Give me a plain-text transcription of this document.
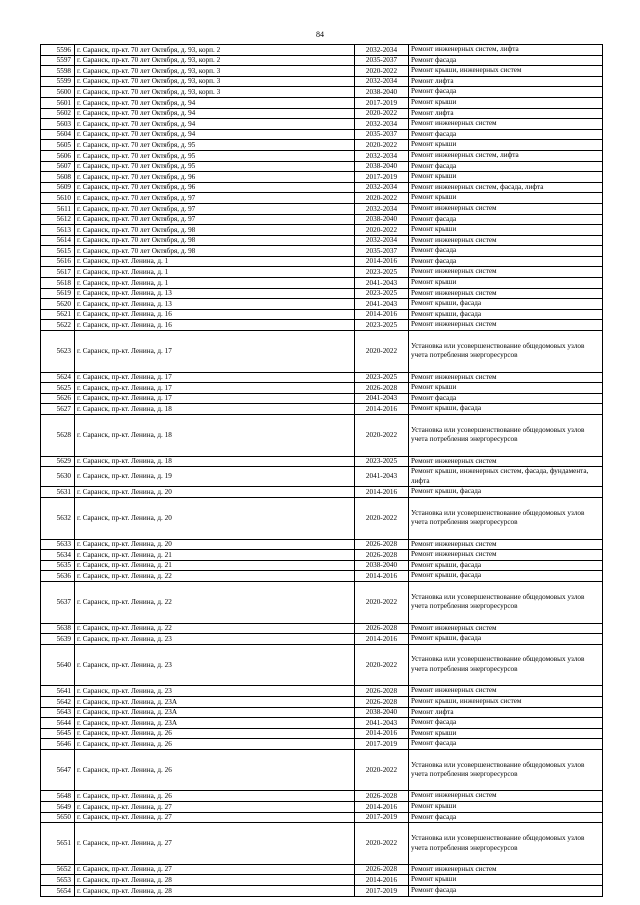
84
5596	г. Саранск, пр-кт. 70 лет Октября, д. 93, корп. 2	2032-2034	Ремонт инженерных систем, лифта
5597	г. Саранск, пр-кт. 70 лет Октября, д. 93, корп. 2	2035-2037	Ремонт фасада
5598	г. Саранск, пр-кт. 70 лет Октября, д. 93, корп. 3	2020-2022	Ремонт крыши, инженерных систем
5599	г. Саранск, пр-кт. 70 лет Октября, д. 93, корп. 3	2032-2034	Ремонт лифта
5600	г. Саранск, пр-кт. 70 лет Октября, д. 93, корп. 3	2038-2040	Ремонт фасада
5601	г. Саранск, пр-кт. 70 лет Октября, д. 94	2017-2019	Ремонт крыши
5602	г. Саранск, пр-кт. 70 лет Октября, д. 94	2020-2022	Ремонт лифта
5603	г. Саранск, пр-кт. 70 лет Октября, д. 94	2032-2034	Ремонт инженерных систем
5604	г. Саранск, пр-кт. 70 лет Октября, д. 94	2035-2037	Ремонт фасада
5605	г. Саранск, пр-кт. 70 лет Октября, д. 95	2020-2022	Ремонт крыши
5606	г. Саранск, пр-кт. 70 лет Октября, д. 95	2032-2034	Ремонт инженерных систем, лифта
5607	г. Саранск, пр-кт. 70 лет Октября, д. 95	2038-2040	Ремонт фасада
5608	г. Саранск, пр-кт. 70 лет Октября, д. 96	2017-2019	Ремонт крыши
5609	г. Саранск, пр-кт. 70 лет Октября, д. 96	2032-2034	Ремонт инженерных систем, фасада, лифта
5610	г. Саранск, пр-кт. 70 лет Октября, д. 97	2020-2022	Ремонт крыши
5611	г. Саранск, пр-кт. 70 лет Октября, д. 97	2032-2034	Ремонт инженерных систем
5612	г. Саранск, пр-кт. 70 лет Октября, д. 97	2038-2040	Ремонт фасада
5613	г. Саранск, пр-кт. 70 лет Октября, д. 98	2020-2022	Ремонт крыши
5614	г. Саранск, пр-кт. 70 лет Октября, д. 98	2032-2034	Ремонт инженерных систем
5615	г. Саранск, пр-кт. 70 лет Октября, д. 98	2035-2037	Ремонт фасада
5616	г. Саранск, пр-кт. Ленина, д. 1	2014-2016	Ремонт фасада
5617	г. Саранск, пр-кт. Ленина, д. 1	2023-2025	Ремонт инженерных систем
5618	г. Саранск, пр-кт. Ленина, д. 1	2041-2043	Ремонт крыши
5619	г. Саранск, пр-кт. Ленина, д. 13	2023-2025	Ремонт инженерных систем
5620	г. Саранск, пр-кт. Ленина, д. 13	2041-2043	Ремонт крыши, фасада
5621	г. Саранск, пр-кт. Ленина, д. 16	2014-2016	Ремонт крыши, фасада
5622	г. Саранск, пр-кт. Ленина, д. 16	2023-2025	Ремонт инженерных систем
5623	г. Саранск, пр-кт. Ленина, д. 17	2020-2022	Установка или усовершенствование общедомовых узлов учета потребления энергоресурсов
5624	г. Саранск, пр-кт. Ленина, д. 17	2023-2025	Ремонт инженерных систем
5625	г. Саранск, пр-кт. Ленина, д. 17	2026-2028	Ремонт крыши
5626	г. Саранск, пр-кт. Ленина, д. 17	2041-2043	Ремонт фасада
5627	г. Саранск, пр-кт. Ленина, д. 18	2014-2016	Ремонт крыши, фасада
5628	г. Саранск, пр-кт. Ленина, д. 18	2020-2022	Установка или усовершенствование общедомовых узлов учета потребления энергоресурсов
5629	г. Саранск, пр-кт. Ленина, д. 18	2023-2025	Ремонт инженерных систем
5630	г. Саранск, пр-кт. Ленина, д. 19	2041-2043	Ремонт крыши, инженерных систем, фасада, фундамента, лифта
5631	г. Саранск, пр-кт. Ленина, д. 20	2014-2016	Ремонт крыши, фасада
5632	г. Саранск, пр-кт. Ленина, д. 20	2020-2022	Установка или усовершенствование общедомовых узлов учета потребления энергоресурсов
5633	г. Саранск, пр-кт. Ленина, д. 20	2026-2028	Ремонт инженерных систем
5634	г. Саранск, пр-кт. Ленина, д. 21	2026-2028	Ремонт инженерных систем
5635	г. Саранск, пр-кт. Ленина, д. 21	2038-2040	Ремонт крыши, фасада
5636	г. Саранск, пр-кт. Ленина, д. 22	2014-2016	Ремонт крыши, фасада
5637	г. Саранск, пр-кт. Ленина, д. 22	2020-2022	Установка или усовершенствование общедомовых узлов учета потребления энергоресурсов
5638	г. Саранск, пр-кт. Ленина, д. 22	2026-2028	Ремонт инженерных систем
5639	г. Саранск, пр-кт. Ленина, д. 23	2014-2016	Ремонт крыши, фасада
5640	г. Саранск, пр-кт. Ленина, д. 23	2020-2022	Установка или усовершенствование общедомовых узлов учета потребления энергоресурсов
5641	г. Саранск, пр-кт. Ленина, д. 23	2026-2028	Ремонт инженерных систем
5642	г. Саранск, пр-кт. Ленина, д. 23А	2026-2028	Ремонт крыши, инженерных систем
5643	г. Саранск, пр-кт. Ленина, д. 23А	2038-2040	Ремонт лифта
5644	г. Саранск, пр-кт. Ленина, д. 23А	2041-2043	Ремонт фасада
5645	г. Саранск, пр-кт. Ленина, д. 26	2014-2016	Ремонт крыши
5646	г. Саранск, пр-кт. Ленина, д. 26	2017-2019	Ремонт фасада
5647	г. Саранск, пр-кт. Ленина, д. 26	2020-2022	Установка или усовершенствование общедомовых узлов учета потребления энергоресурсов
5648	г. Саранск, пр-кт. Ленина, д. 26	2026-2028	Ремонт инженерных систем
5649	г. Саранск, пр-кт. Ленина, д. 27	2014-2016	Ремонт крыши
5650	г. Саранск, пр-кт. Ленина, д. 27	2017-2019	Ремонт фасада
5651	г. Саранск, пр-кт. Ленина, д. 27	2020-2022	Установка или усовершенствование общедомовых узлов учета потребления энергоресурсов
5652	г. Саранск, пр-кт. Ленина, д. 27	2026-2028	Ремонт инженерных систем
5653	г. Саранск, пр-кт. Ленина, д. 28	2014-2016	Ремонт крыши
5654	г. Саранск, пр-кт. Ленина, д. 28	2017-2019	Ремонт фасада
